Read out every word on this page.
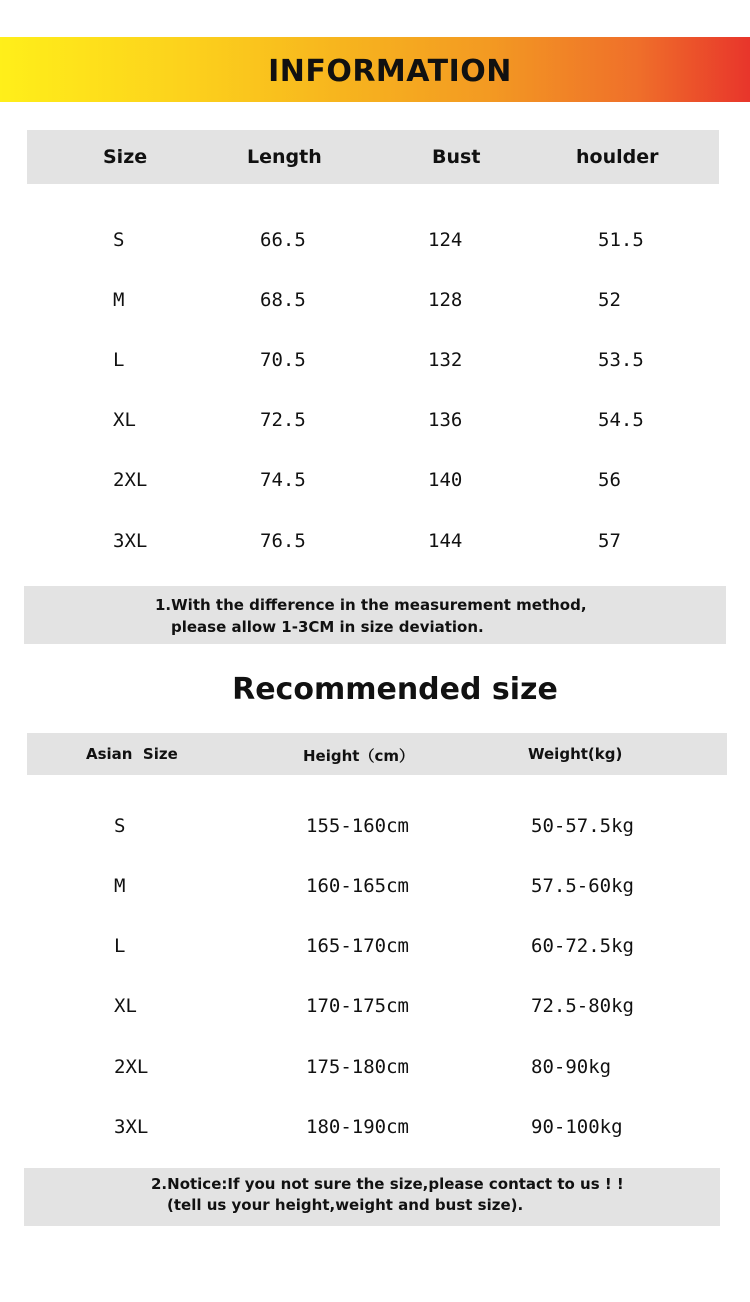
INFORMATION
Size	Length	Bust	houlder
S	66.5	124	51.5
M	68.5	128	52
L	70.5	132	53.5
XL	72.5	136	54.5
2XL	74.5	140	56
3XL	76.5	144	57
1.With the difference in the measurement method,
please allow 1-3CM in size deviation.
Recommended size
Asian  Size	Height（cm）	Weight(kg)
S	155-160cm	50-57.5kg
M	160-165cm	57.5-60kg
L	165-170cm	60-72.5kg
XL	170-175cm	72.5-80kg
2XL	175-180cm	80-90kg
3XL	180-190cm	90-100kg
2.Notice:If you not sure the size,please contact to us ! !
(tell us your height,weight and bust size).
